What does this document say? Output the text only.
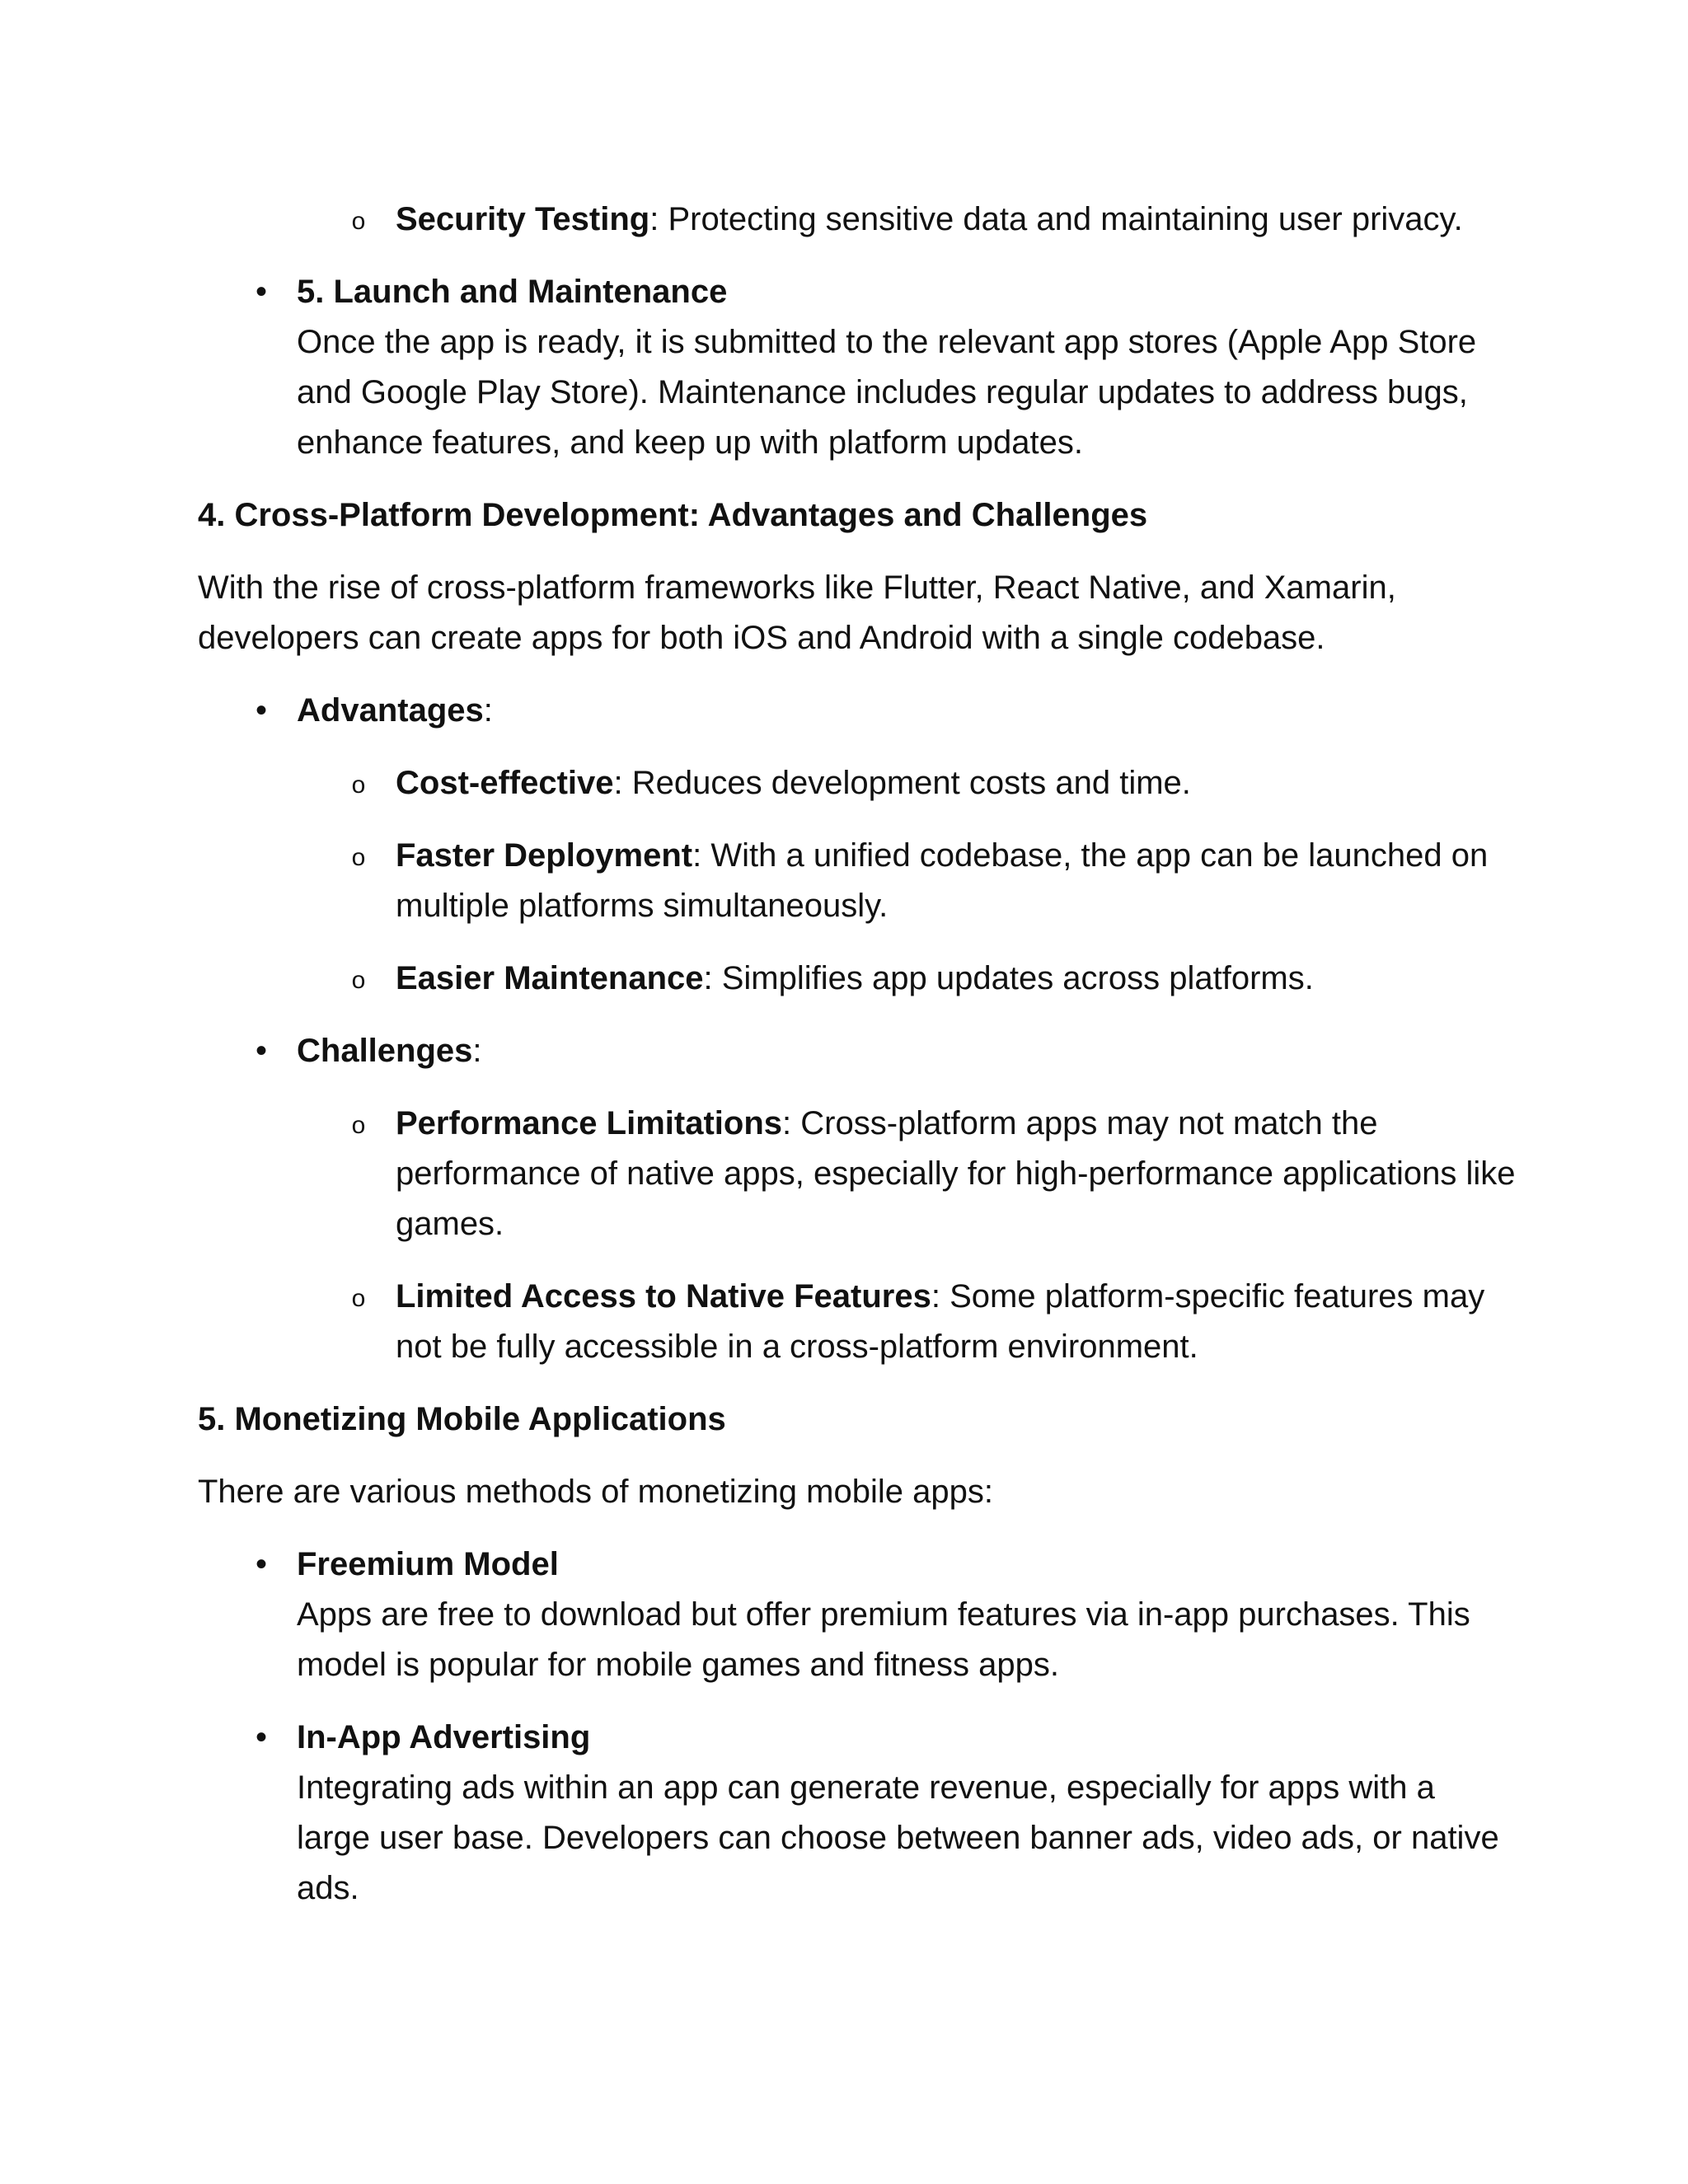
o Security Testing: Protecting sensitive data and maintaining user privacy.
• 5. Launch and Maintenance
Once the app is ready, it is submitted to the relevant app stores (Apple App Store and Google Play Store). Maintenance includes regular updates to address bugs, enhance features, and keep up with platform updates.
4. Cross-Platform Development: Advantages and Challenges
With the rise of cross-platform frameworks like Flutter, React Native, and Xamarin, developers can create apps for both iOS and Android with a single codebase.
• Advantages:
o Cost-effective: Reduces development costs and time.
o Faster Deployment: With a unified codebase, the app can be launched on multiple platforms simultaneously.
o Easier Maintenance: Simplifies app updates across platforms.
• Challenges:
o Performance Limitations: Cross-platform apps may not match the performance of native apps, especially for high-performance applications like games.
o Limited Access to Native Features: Some platform-specific features may not be fully accessible in a cross-platform environment.
5. Monetizing Mobile Applications
There are various methods of monetizing mobile apps:
• Freemium Model
Apps are free to download but offer premium features via in-app purchases. This model is popular for mobile games and fitness apps.
• In-App Advertising
Integrating ads within an app can generate revenue, especially for apps with a large user base. Developers can choose between banner ads, video ads, or native ads.
